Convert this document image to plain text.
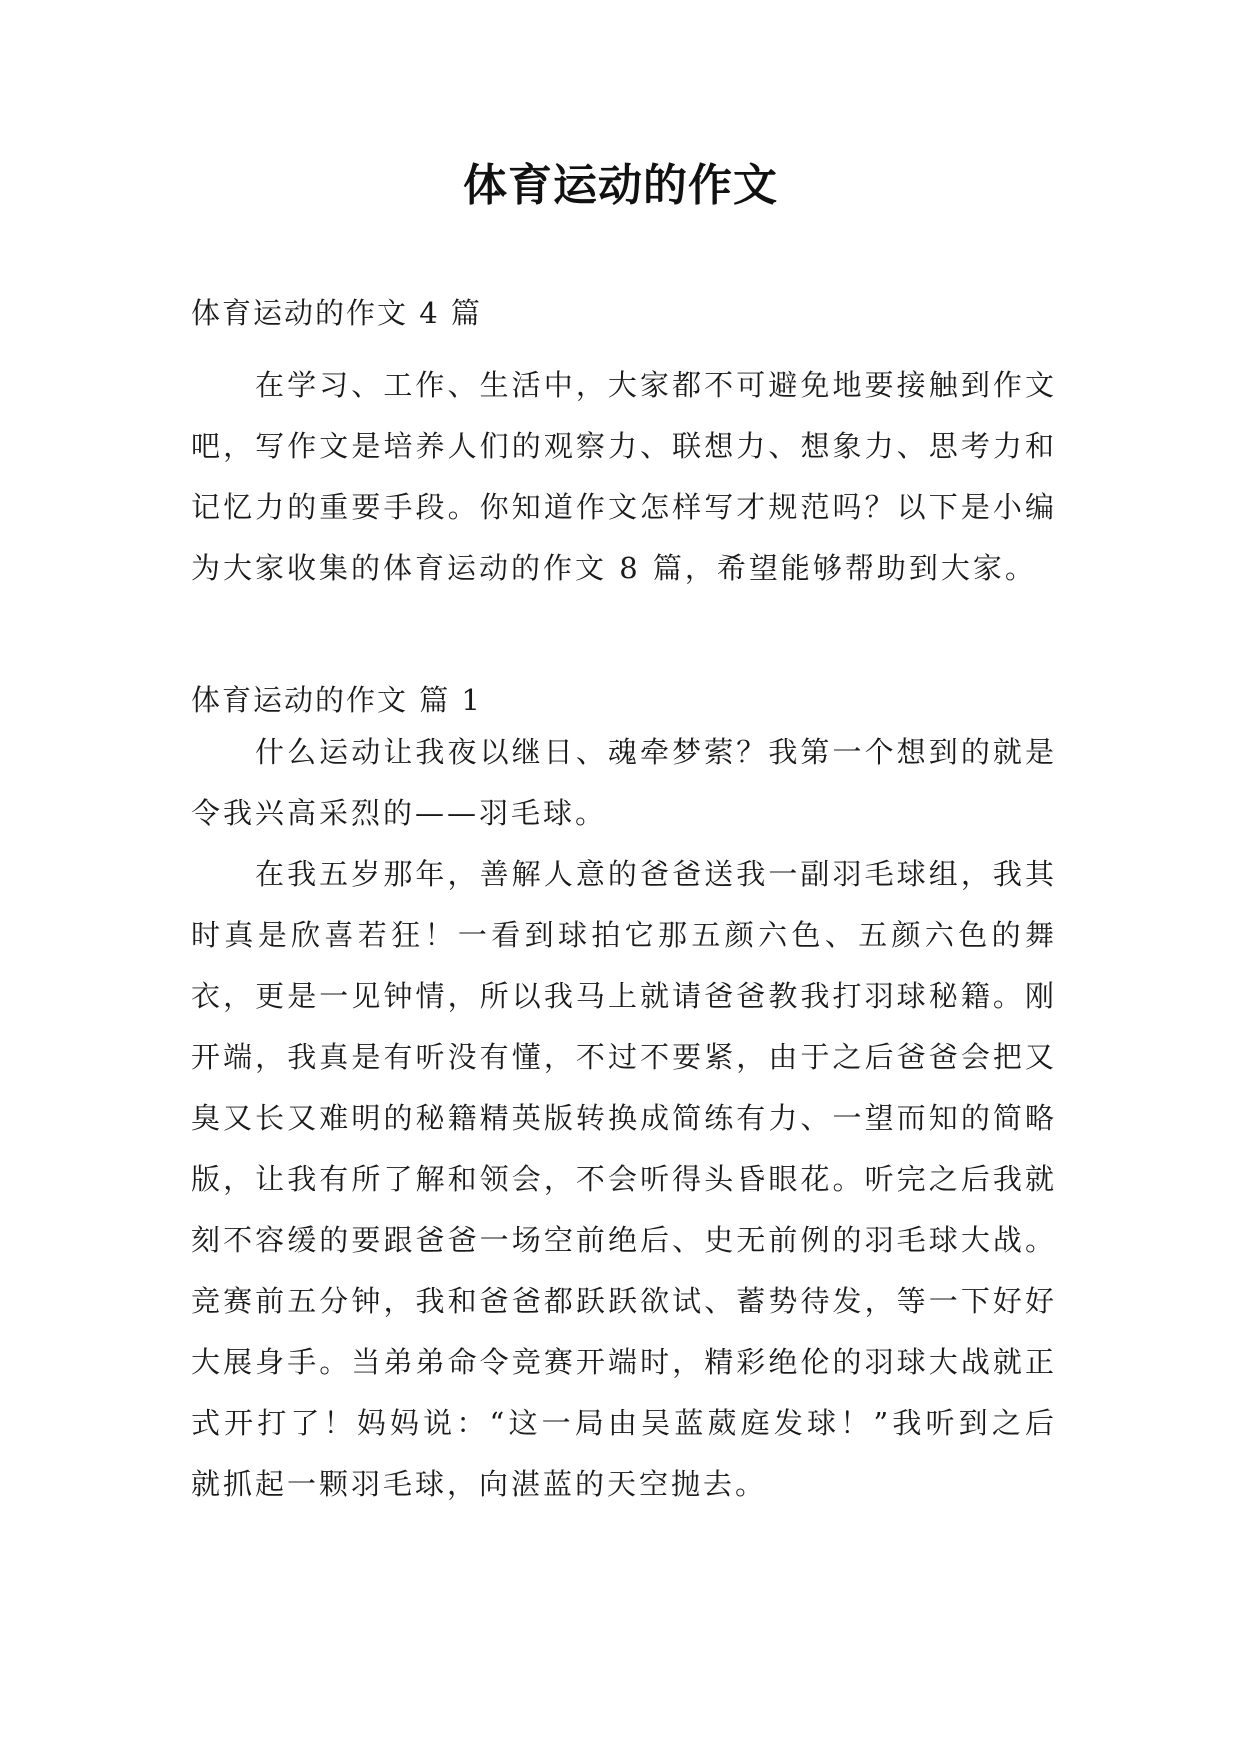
体育运动的作文
体育运动的作文 4 篇
在学习、工作、生活中，大家都不可避免地要接触到作文吧，写作文是培养人们的观察力、联想力、想象力、思考力和记忆力的重要手段。你知道作文怎样写才规范吗？以下是小编为大家收集的体育运动的作文 8 篇，希望能够帮助到大家。
体育运动的作文 篇 1
什么运动让我夜以继日、魂牵梦萦？我第一个想到的就是令我兴高采烈的——羽毛球。
在我五岁那年，善解人意的爸爸送我一副羽毛球组，我其时真是欣喜若狂！一看到球拍它那五颜六色、五颜六色的舞衣，更是一见钟情，所以我马上就请爸爸教我打羽球秘籍。刚开端，我真是有听没有懂，不过不要紧，由于之后爸爸会把又臭又长又难明的秘籍精英版转换成简练有力、一望而知的简略版，让我有所了解和领会，不会听得头昏眼花。听完之后我就刻不容缓的要跟爸爸一场空前绝后、史无前例的羽毛球大战。竞赛前五分钟，我和爸爸都跃跃欲试、蓄势待发，等一下好好大展身手。当弟弟命令竞赛开端时，精彩绝伦的羽球大战就正式开打了！妈妈说：“这一局由吴蓝葳庭发球！”我听到之后就抓起一颗羽毛球，向湛蓝的天空抛去。
